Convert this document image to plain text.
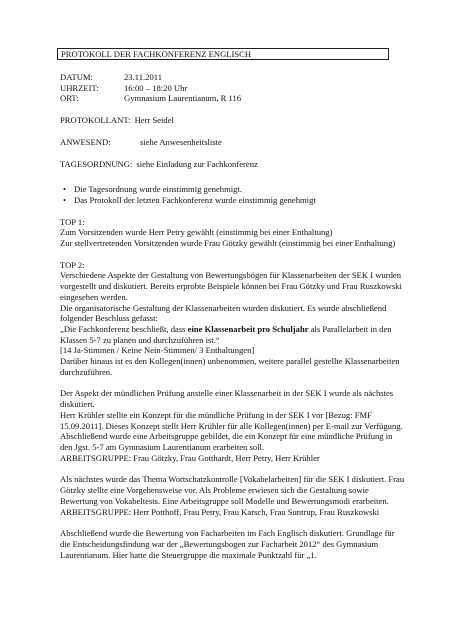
PROTOKOLL DER FACHKONFERENZ ENGLISCH
DATUM:	23.11.2011
UHRZEIT:	16:00 – 18:20 Uhr
ORT:	Gymnasium Laurentianum, R 116
PROTOKOLLANT: Herr Seidel
ANWESEND:	siehe Anwesenheitsliste
TAGESORDNUNG: siehe Einladung zur Fachkonferenz
• Die Tagesordnung wurde einstimmig genehmigt.
• Das Protokoll der letzten Fachkonferenz wurde einstimmig genehmigt

TOP 1:

Zum Vorsitzenden wurde Herr Petry gewählt (einstimmig bei einer Enthaltung)

Zur stellvertretenden Vorsitzenden wurde Frau Götzky gewählt (einstimmig bei einer Enthaltung)

TOP 2:

Verschiedene Aspekte der Gestaltung von Bewertungsbögen für Klassenarbeiten der SEK I wurden vorgestellt und diskutiert. Bereits erprobte Beispiele können bei Frau Götzky und Frau Ruszkowski eingesehen werden.

Die organisatorische Gestaltung der Klassenarbeiten wurden diskutiert. Es wurde abschließend folgender Beschluss gefasst:

„Die Fachkonferenz beschließt, dass eine Klassenarbeit pro Schuljahr als Parallelarbeit in den Klassen 5-7 zu planen und durchzuführen ist.“

[14 Ja-Stimmen / Keine Nein-Stimmen/ 3 Enthaltungen]

Darüber hinaus ist es den Kollegen(innen) unbenommen, weitere parallel gestellte Klassenarbeiten durchzuführen.

Der Aspekt der mündlichen Prüfung anstelle einer Klassenarbeit in der SEK I wurde als nächstes diskutiert.

Herr Krühler stellte ein Konzept für die mündliche Prüfung in der SEK I vor [Bezug: FMF 15.09.2011]. Dieses Konzept stellt Herr Krühler für alle Kollegen(innen) per E-mail zur Verfügung.

Abschließend wurde eine Arbeitsgruppe gebildet, die ein Konzept für eine mündliche Prüfung in den Jgst. 5-7 am Gymnasium Laurentianum erarbeiten soll.

ARBEITSGRUPPE: Frau Götzky, Frau Gotthardt, Herr Petry, Herr Krühler

Als nächstes wurde das Thema Wortschatzkontrolle [Vokabelarbeiten] für die SEK I diskutiert. Frau Götzky stellte eine Vorgehensweise vor. Als Probleme erwiesen sich die Gestaltung sowie Bewertung von Vokabeltests. Eine Arbeitsgruppe soll Modelle und Bewertungsmodi erarbeiten.

ARBEITSGRUPPE: Herr Potthoff, Frau Petry, Frau Karsch, Frau Suntrup, Frau Ruszkowski

Abschließend wurde die Bewertung von Facharbeiten im Fach Englisch diskutiert. Grundlage für die Entscheidungsfindung war der „Bewertungsbogen zur Facharbeit 2012“ des Gymnasium Laurentianum. Hier hatte die Steuergruppe die maximale Punktzahl für „1.
